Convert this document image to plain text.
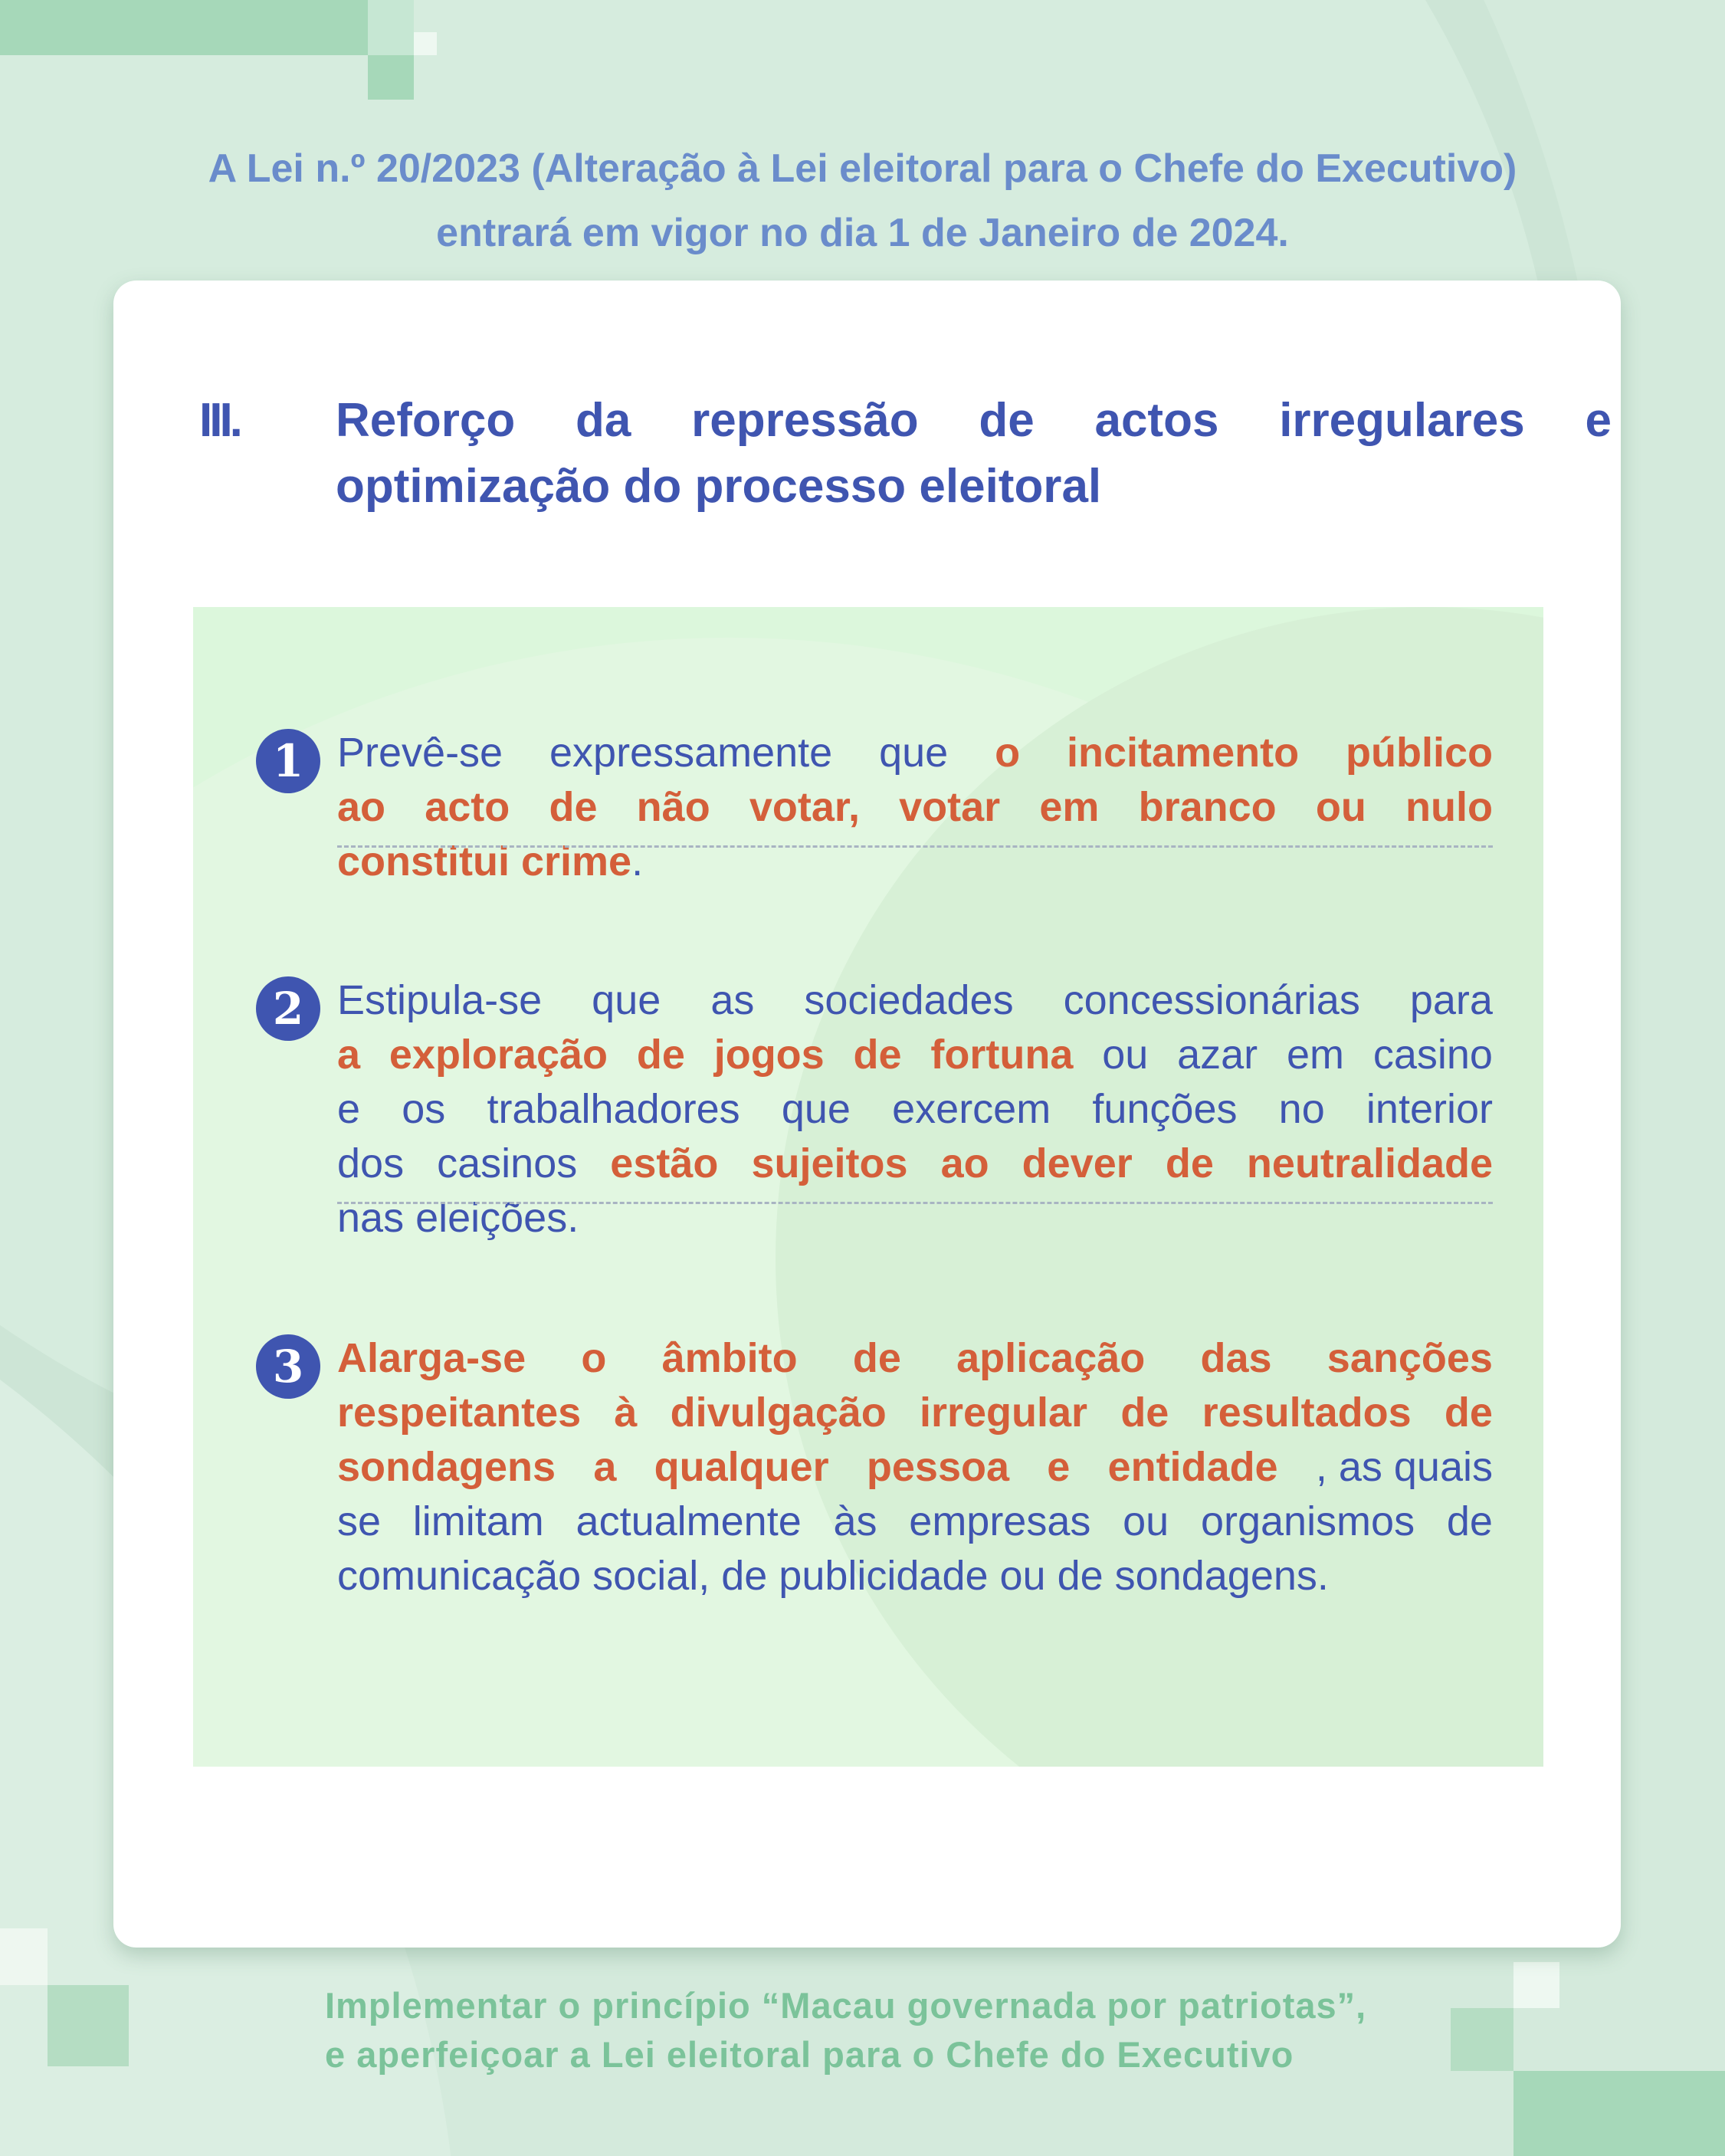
A Lei n.º 20/2023 (Alteração à Lei eleitoral para o Chefe do Executivo)
entrará em vigor no dia 1 de Janeiro de 2024.
III. Reforço da repressão de actos irregulares e
optimização do processo eleitoral
1 Prevê-se expressamente que o incitamento público
ao acto de não votar, votar em branco ou nulo
constitui crime .
2 Estipula-se que as sociedades concessionárias para
a exploração de jogos de fortuna ou azar em casino
e os trabalhadores que exercem funções no interior
dos casinos estão sujeitos ao dever de neutralidade
nas eleições.
3 Alarga-se o âmbito de aplicação das sanções
respeitantes à divulgação irregular de resultados de
sondagens a qualquer pessoa e entidade , as quais
se limitam actualmente às empresas ou organismos de
comunicação social, de publicidade ou de sondagens.
Implementar o princípio “Macau governada por patriotas”,
e aperfeiçoar a Lei eleitoral para o Chefe do Executivo
